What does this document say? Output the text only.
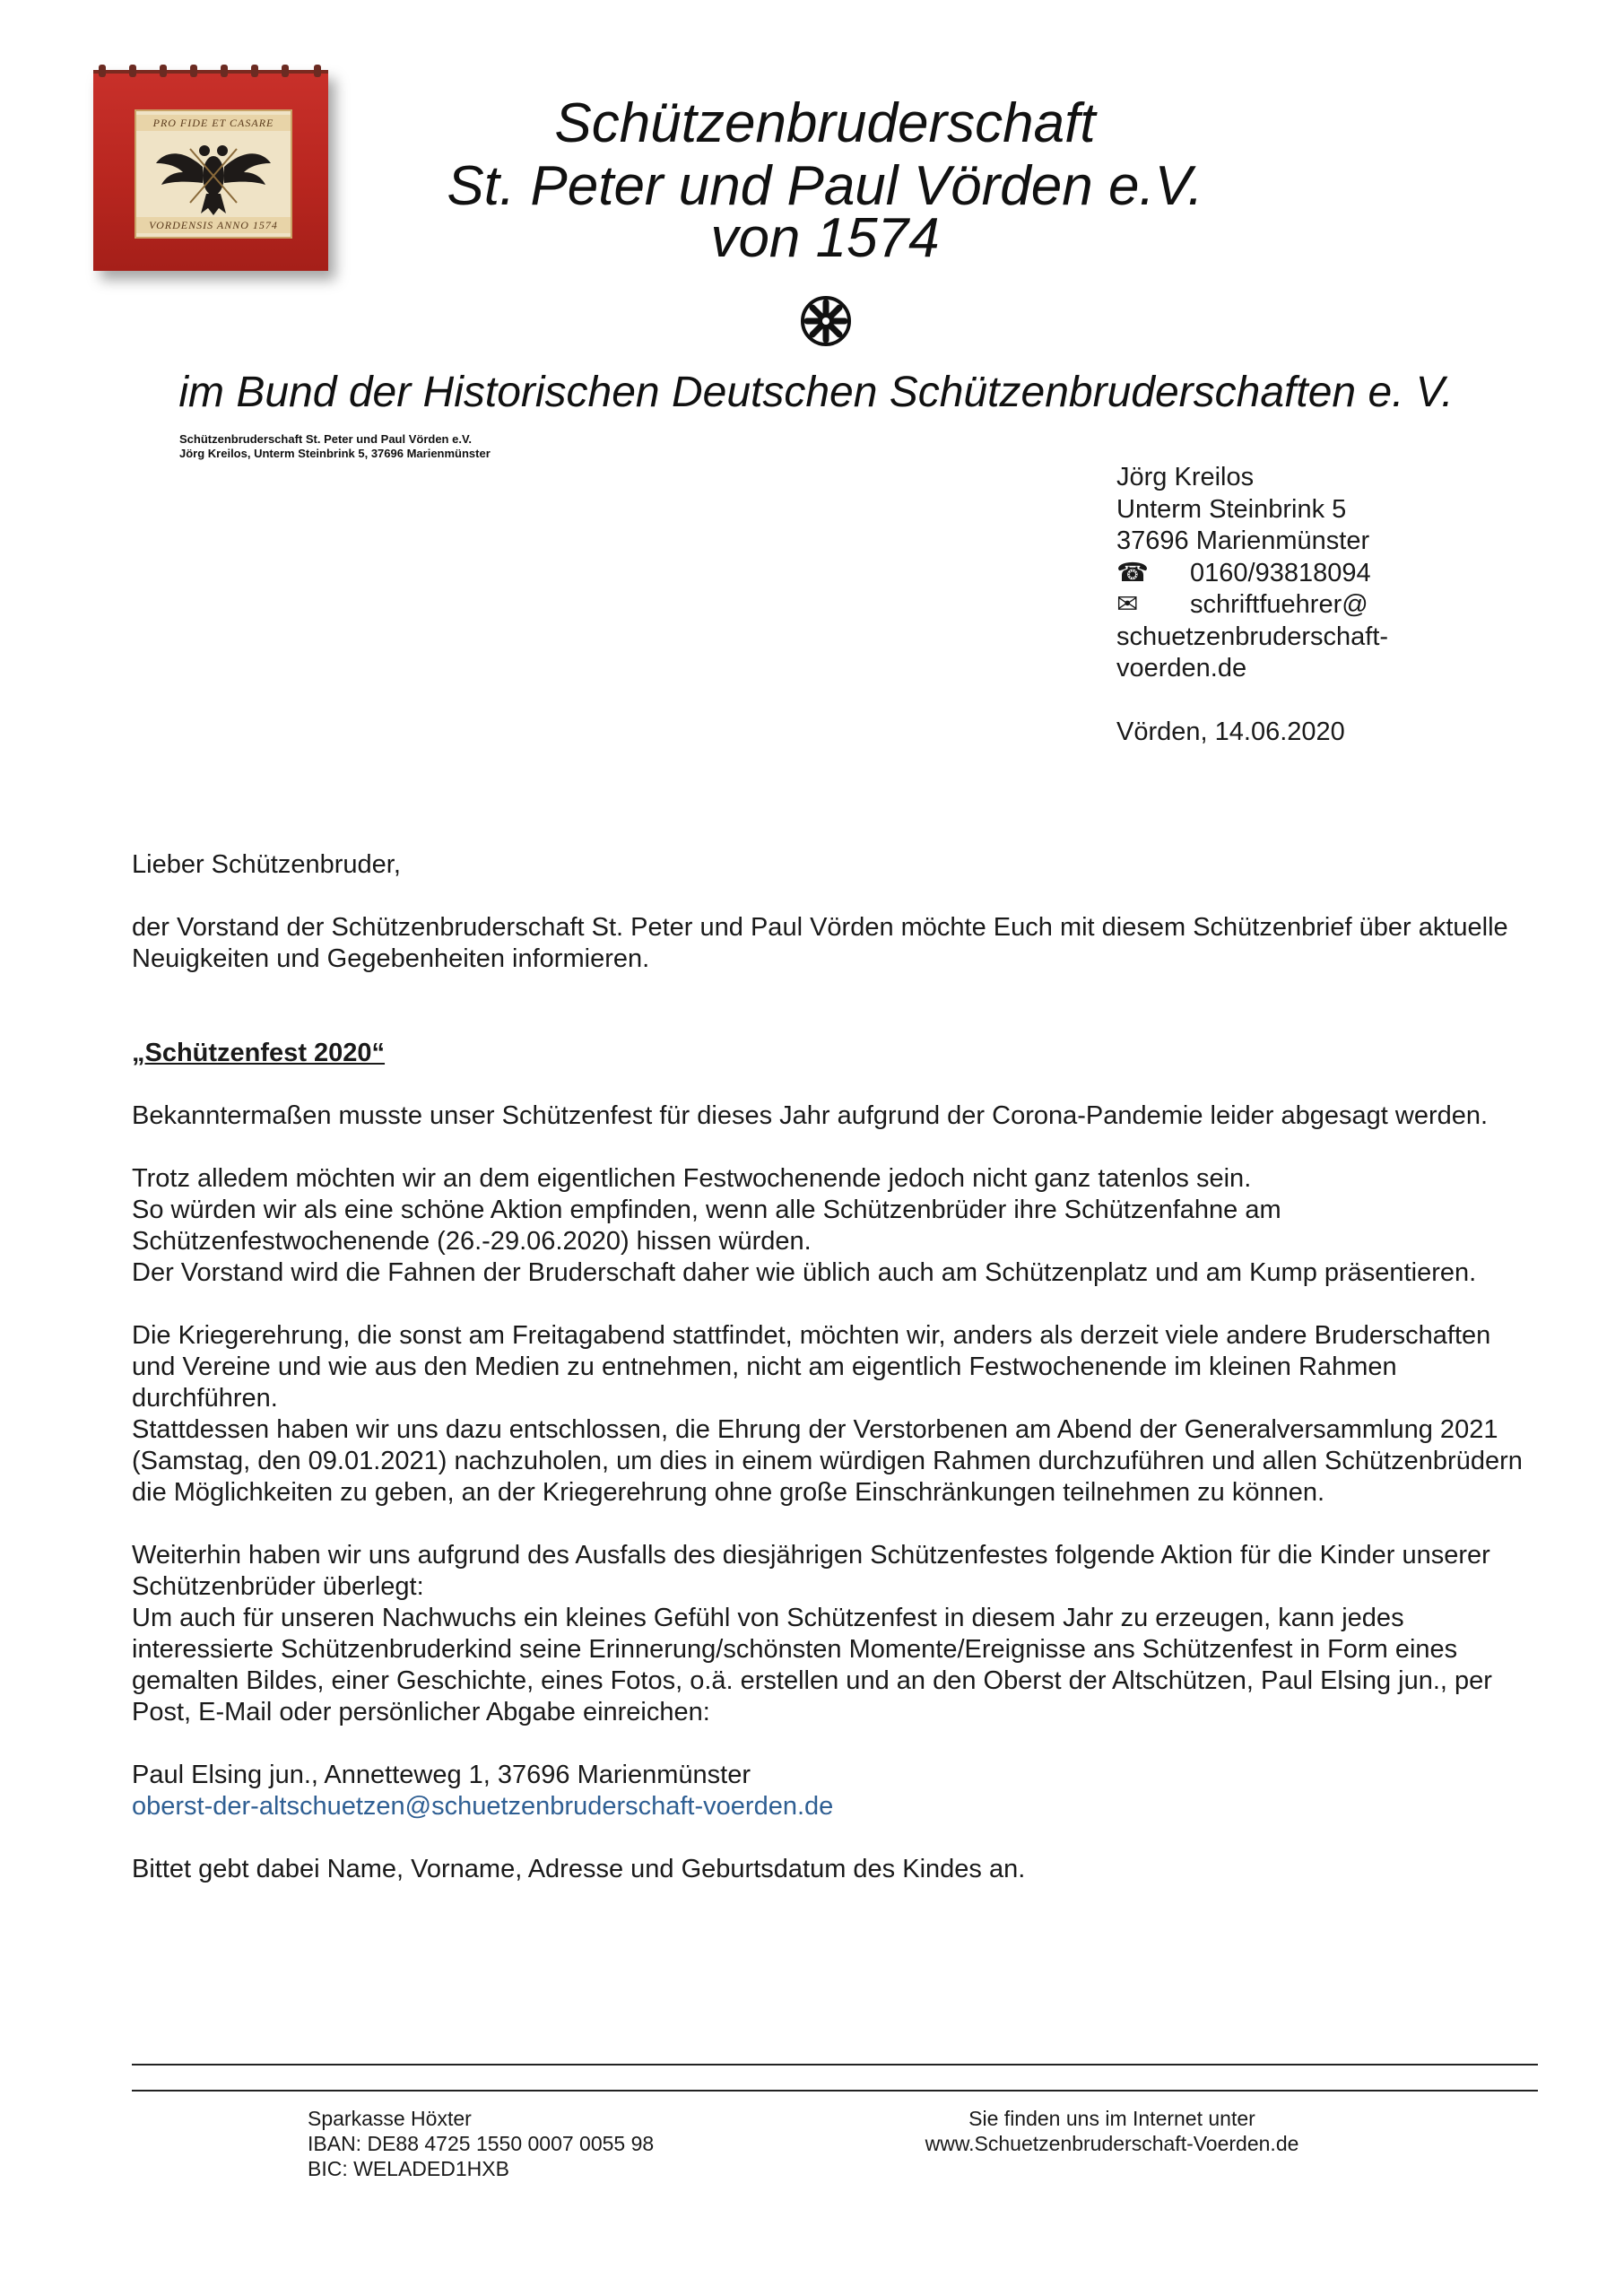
PRO FIDE ET CASARE
VORDENSIS ANNO 1574
Schützenbruderschaft
St. Peter und Paul Vörden e.V.
von 1574
im Bund der Historischen Deutschen Schützenbruderschaften e. V.
Schützenbruderschaft St. Peter und Paul Vörden e.V.
Jörg Kreilos, Unterm Steinbrink 5, 37696 Marienmünster
Jörg Kreilos
Unterm Steinbrink 5
37696 Marienmünster
☎ 0160/93818094
✉ schriftfuehrer@
schuetzenbruderschaft-
voerden.de
Vörden, 14.06.2020

Lieber Schützenbruder,

der Vorstand der Schützenbruderschaft St. Peter und Paul Vörden möchte Euch mit diesem Schützenbrief über aktuelle Neuigkeiten und Gegebenheiten informieren.

„Schützenfest 2020“

Bekanntermaßen musste unser Schützenfest für dieses Jahr aufgrund der Corona-Pandemie leider abgesagt werden.

Trotz alledem möchten wir an dem eigentlichen Festwochenende jedoch nicht ganz tatenlos sein.

So würden wir als eine schöne Aktion empfinden, wenn alle Schützenbrüder ihre Schützenfahne am Schützenfestwochenende (26.-29.06.2020) hissen würden.

Der Vorstand wird die Fahnen der Bruderschaft daher wie üblich auch am Schützenplatz und am Kump präsentieren.

Die Kriegerehrung, die sonst am Freitagabend stattfindet, möchten wir, anders als derzeit viele andere Bruderschaften und Vereine und wie aus den Medien zu entnehmen, nicht am eigentlich Festwochenende im kleinen Rahmen durchführen.

Stattdessen haben wir uns dazu entschlossen, die Ehrung der Verstorbenen am Abend der Generalversammlung 2021 (Samstag, den 09.01.2021) nachzuholen, um dies in einem würdigen Rahmen durchzuführen und allen Schützenbrüdern die Möglichkeiten zu geben, an der Kriegerehrung ohne große Einschränkungen teilnehmen zu können.

Weiterhin haben wir uns aufgrund des Ausfalls des diesjährigen Schützenfestes folgende Aktion für die Kinder unserer Schützenbrüder überlegt:

Um auch für unseren Nachwuchs ein kleines Gefühl von Schützenfest in diesem Jahr zu erzeugen, kann jedes interessierte Schützenbruderkind seine Erinnerung/schönsten Momente/Ereignisse ans Schützenfest in Form eines gemalten Bildes, einer Geschichte, eines Fotos, o.ä. erstellen und an den Oberst der Altschützen, Paul Elsing jun., per Post, E-Mail oder persönlicher Abgabe einreichen:

Paul Elsing jun., Annetteweg 1, 37696 Marienmünster

oberst-der-altschuetzen@schuetzenbruderschaft-voerden.de

Bittet gebt dabei Name, Vorname, Adresse und Geburtsdatum des Kindes an.

Sparkasse Höxter
IBAN: DE88 4725 1550 0007 0055 98
BIC: WELADED1HXB
Sie finden uns im Internet unter
www.Schuetzenbruderschaft-Voerden.de
